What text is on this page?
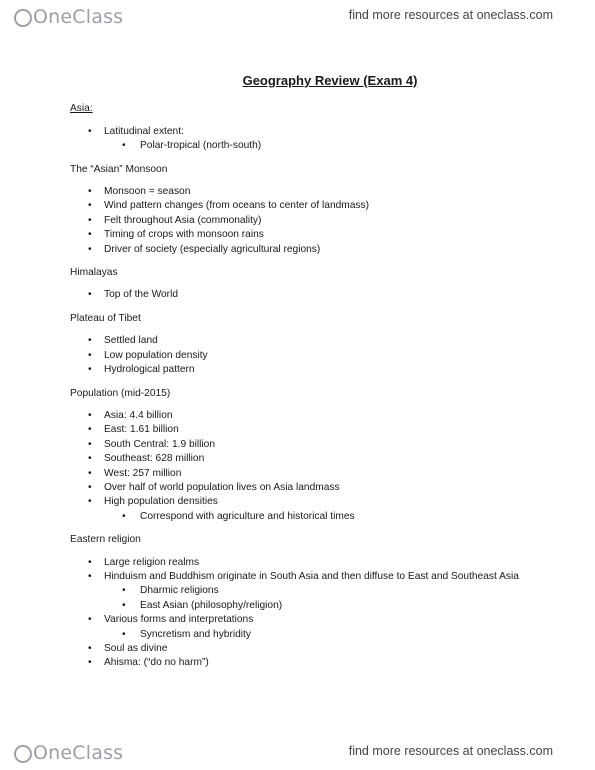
OneClass	find more resources at oneclass.com
Geography Review (Exam 4)
Asia:
• Latitudinal extent:
• Polar-tropical (north-south)
The “Asian” Monsoon
• Monsoon = season
• Wind pattern changes (from oceans to center of landmass)
• Felt throughout Asia (commonality)
• Timing of crops with monsoon rains
• Driver of society (especially agricultural regions)
Himalayas
• Top of the World
Plateau of Tibet
• Settled land
• Low population density
• Hydrological pattern
Population (mid-2015)
• Asia: 4.4 billion
• East: 1.61 billion
• South Central: 1.9 billion
• Southeast: 628 million
• West: 257 million
• Over half of world population lives on Asia landmass
• High population densities
• Correspond with agriculture and historical times
Eastern religion
• Large religion realms
• Hinduism and Buddhism originate in South Asia and then diffuse to East and Southeast Asia
• Dharmic religions
• East Asian (philosophy/religion)
• Various forms and interpretations
• Syncretism and hybridity
• Soul as divine
• Ahisma: (“do no harm”)
OneClass	find more resources at oneclass.com
